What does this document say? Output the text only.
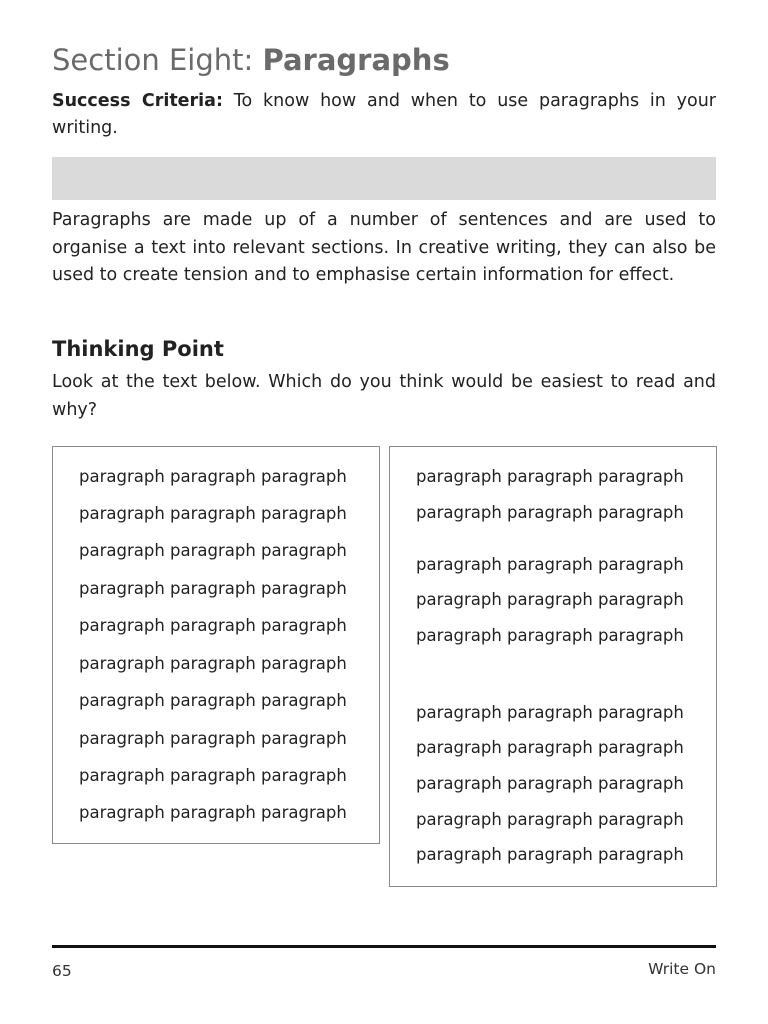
Section Eight: Paragraphs

Success Criteria: To know how and when to use paragraphs in your writing.

Paragraphs are made up of a number of sentences and are used to organise a text into relevant sections. In creative writing, they can also be used to create tension and to emphasise certain information for effect.

Thinking Point

Look at the text below. Which do you think would be easiest to read and why?

paragraph paragraph paragraph
paragraph paragraph paragraph
paragraph paragraph paragraph
paragraph paragraph paragraph
paragraph paragraph paragraph
paragraph paragraph paragraph
paragraph paragraph paragraph
paragraph paragraph paragraph
paragraph paragraph paragraph
paragraph paragraph paragraph
paragraph paragraph paragraph
paragraph paragraph paragraph
paragraph paragraph paragraph
paragraph paragraph paragraph
paragraph paragraph paragraph
paragraph paragraph paragraph
paragraph paragraph paragraph
paragraph paragraph paragraph
paragraph paragraph paragraph
paragraph paragraph paragraph
65	Write On
